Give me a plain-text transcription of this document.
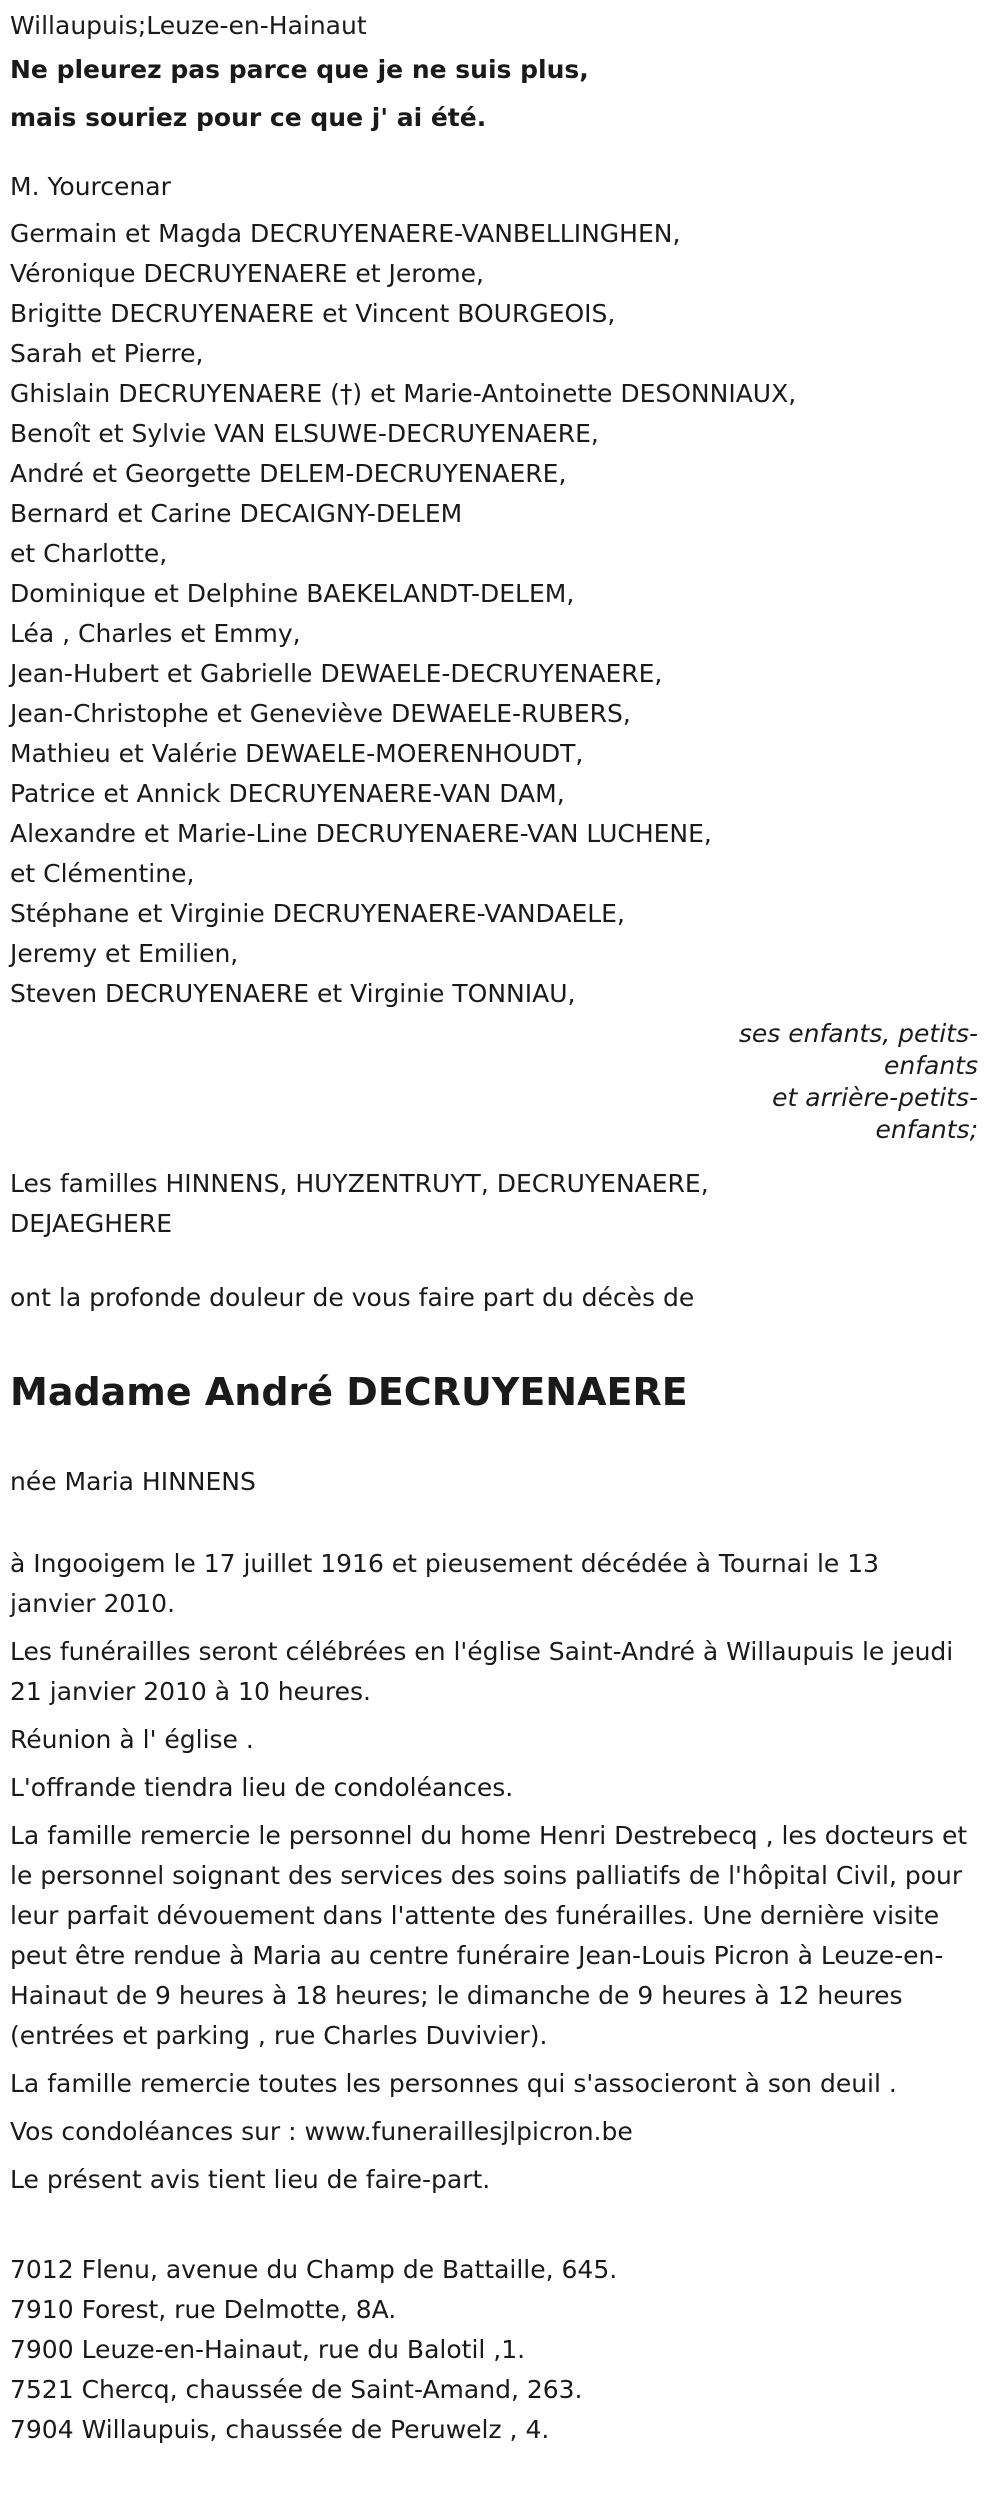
Willaupuis;Leuze-en-Hainaut
Ne pleurez pas parce que je ne suis plus,
mais souriez pour ce que j' ai été.
M. Yourcenar
Germain et Magda DECRUYENAERE-VANBELLINGHEN,
Véronique DECRUYENAERE et Jerome,
Brigitte DECRUYENAERE et Vincent BOURGEOIS,
Sarah et Pierre,
Ghislain DECRUYENAERE (†) et Marie-Antoinette DESONNIAUX,
Benoît et Sylvie VAN ELSUWE-DECRUYENAERE,
André et Georgette DELEM-DECRUYENAERE,
Bernard et Carine DECAIGNY-DELEM
et Charlotte,
Dominique et Delphine BAEKELANDT-DELEM,
Léa , Charles et Emmy,
Jean-Hubert et Gabrielle DEWAELE-DECRUYENAERE,
Jean-Christophe et Geneviève DEWAELE-RUBERS,
Mathieu et Valérie DEWAELE-MOERENHOUDT,
Patrice et Annick DECRUYENAERE-VAN DAM,
Alexandre et Marie-Line DECRUYENAERE-VAN LUCHENE,
et Clémentine,
Stéphane et Virginie DECRUYENAERE-VANDAELE,
Jeremy et Emilien,
Steven DECRUYENAERE et Virginie TONNIAU,
ses enfants, petits-
enfants
et arrière-petits-
enfants;
Les familles HINNENS, HUYZENTRUYT, DECRUYENAERE, DEJAEGHERE
ont la profonde douleur de vous faire part du décès de
Madame André DECRUYENAERE
née Maria HINNENS

à Ingooigem le 17 juillet 1916 et pieusement décédée à Tournai le 13 janvier 2010.

Les funérailles seront célébrées en l'église Saint-André à Willaupuis le jeudi 21 janvier 2010 à 10 heures.

Réunion à l' église .

L'offrande tiendra lieu de condoléances.

La famille remercie le personnel du home Henri Destrebecq , les docteurs et le personnel soignant des services des soins palliatifs de l'hôpital Civil, pour leur parfait dévouement dans l'attente des funérailles. Une dernière visite peut être rendue à Maria au centre funéraire Jean-Louis Picron à Leuze-en-Hainaut de 9 heures à 18 heures; le dimanche de 9 heures à 12 heures (entrées et parking , rue Charles Duvivier).

La famille remercie toutes les personnes qui s'associeront à son deuil .

Vos condoléances sur : www.funeraillesjlpicron.be

Le présent avis tient lieu de faire-part.

7012 Flenu, avenue du Champ de Battaille, 645.
7910 Forest, rue Delmotte, 8A.
7900 Leuze-en-Hainaut, rue du Balotil ,1.
7521 Chercq, chaussée de Saint-Amand, 263.
7904 Willaupuis, chaussée de Peruwelz , 4.
